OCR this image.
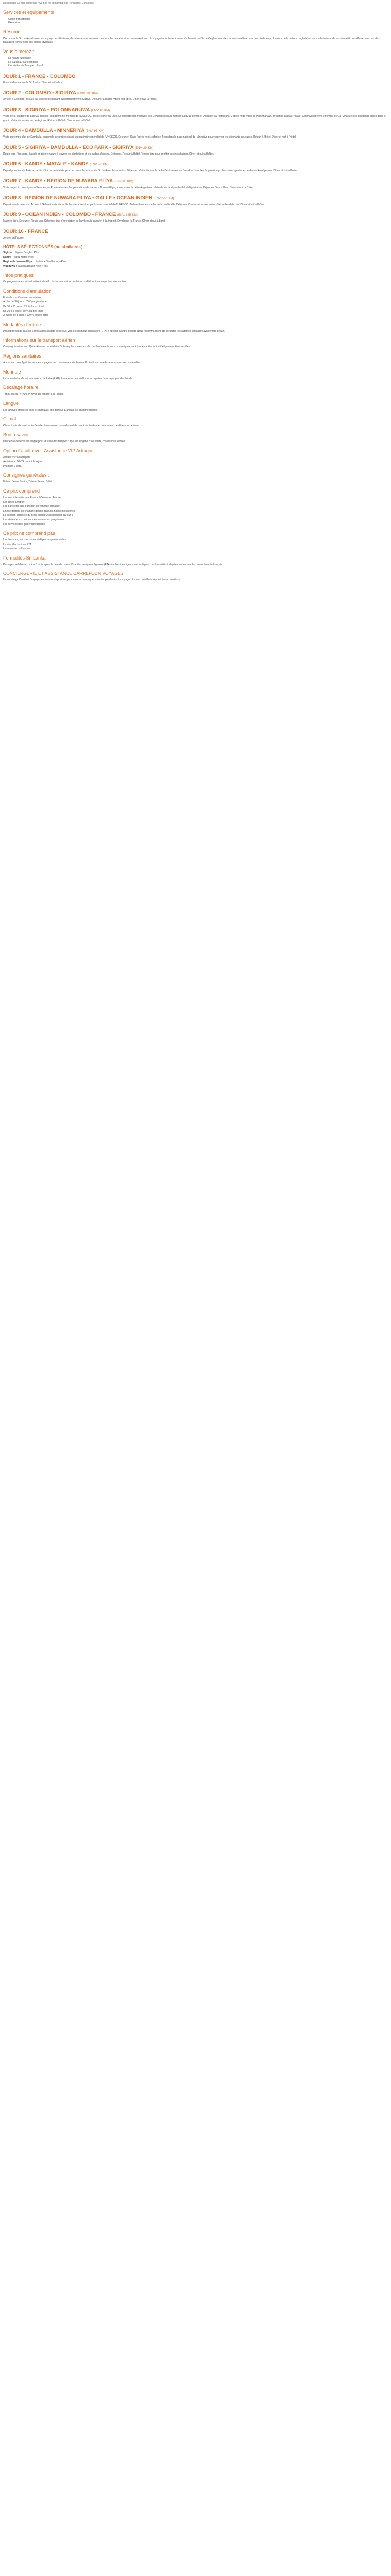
Description Ce prix comprend / Ce prix ne comprend pas Formalités Consignes
Services et équipements
• Guide francophone
• Excursion
Résumé

Découvrez le Sri Lanka à travers un voyage de sélections, des rivières verdoyantes, des temples anciens et sa faune exotique. Un voyage inoubliable à travers la beauté de l'île de Ceylan, ses sites incontournables dans une réelle en profondeur de la culture cinghalaise, de son histoire et de la spiritualité bouddhiste, au cœur des paysages riches et de ses plages idylliques.

Vous aimerez :
• La nature luxuriante
• Le Safari au parc national
• Les visites du Triangle culturel
JOUR 1 - FRANCE • COLOMBO

Envol à destination de Sri Lanka. Dîner et nuit à bord.

JOUR 2 - COLOMBO • SIGIRIYA (ENV. 180 KM)

Arrivée à Colombo, accueil par votre représentant puis transfert vers Sigiriya. Déjeuner à l'hôtel. Après-midi libre. Dîner et nuit à l'hôtel.

JOUR 3 - SIGIRIYA • POLONNARUWA (ENV. 60 KM)

Visite de la citadelle de Sigiriya, classée au patrimoine mondial de l'UNESCO, dite le rocher du Lion. Découverte des fresques des Demoiselles puis montée jusqu'au sommet. Déjeuner au restaurant. L'après-midi, visite de Polonnaruwa, ancienne capitale royale. Continuation vers le temple de Gal Vihara et ses bouddhas taillés dans le granit. Visite du musée archéologique. Retour à l'hôtel. Dîner et nuit à l'hôtel.

JOUR 4 - DAMBULLA • MINNERIYA (ENV. 95 KM)

Visite du temple d'or de Dambulla, ensemble de grottes classé au patrimoine mondial de l'UNESCO. Déjeuner. Dans l'après-midi, safari en Jeep dans le parc national de Minneriya pour observer les éléphants sauvages. Retour à l'hôtel. Dîner et nuit à l'hôtel.

JOUR 5 - SIGIRIYA • DAMBULLA • ECO PARK • SIGIRIYA (ENV. 20 KM)

Route vers l'éco-parc. Balade en pleine nature à travers les plantations et les jardins d'épices. Déjeuner. Retour à l'hôtel. Temps libre pour profiter des installations. Dîner et nuit à l'hôtel.

JOUR 6 - KANDY • MATALE • KANDY (ENV. 90 KM)

Départ pour Kandy. Arrêt au jardin d'épices de Matale pour découvrir les épices du Sri Lanka et leurs vertus. Déjeuner. Visite du temple de la Dent sacrée du Bouddha, haut lieu de pèlerinage. En soirée, spectacle de danses kandyennes. Dîner et nuit à l'hôtel.

JOUR 7 - KANDY • REGION DE NUWARA ELIYA (ENV. 80 KM)

Visite du jardin botanique de Peradeniya. Route à travers les plantations de thé vers Nuwara Eliya, surnommée la petite Angleterre. Visite d'une fabrique de thé et dégustation. Déjeuner. Temps libre. Dîner et nuit à l'hôtel.

JOUR 8 - REGION DE NUWARA ELIYA • GALLE • OCEAN INDIEN (ENV. 251 KM)

Départ vers la côte sud. Arrivée à Galle et visite du fort hollandais classé au patrimoine mondial de l'UNESCO. Balade dans les ruelles de la vieille ville. Déjeuner. Continuation vers votre hôtel en bord de mer. Dîner et nuit à l'hôtel.

JOUR 9 - OCEAN INDIEN • COLOMBO • FRANCE (ENV. 145 KM)

Matinée libre. Déjeuner. Route vers Colombo, tour d'orientation de la ville puis transfert à l'aéroport. Envol pour la France. Dîner et nuit à bord.

JOUR 10 - FRANCE

Arrivée en France.

HÔTELS SÉLECTIONNÉS (ou similaires)
Sigiriya : Sigiriya Jungles 4*loc
Kandy : Topaz Hotel 4*loc
Région de Nuwara Eliya : Heritance Tea Factory 4*loc
Wadduwa : Sasilara Beach Hotel 4*loc
Infos pratiques

Ce programme est donné à titre indicatif. L'ordre des visites peut être modifié tout en respectant leur contenu.

Conditions d'annulation
Frais de modification / annulation :
À plus de 30 jours : 35 € par personne
De 30 à 21 jours : 25 % du prix total
De 20 à 8 jours : 50 % du prix total
À moins de 8 jours : 100 % du prix total
Modalités d'entrée :

Passeport valide plus de 6 mois après la date de retour. Visa électronique obligatoire (ETA) à obtenir avant le départ. Nous recommandons de consulter les autorités sanitaires avant votre départ.

Informations sur le transport aérien

Compagnie aérienne : Qatar Airways ou similaire. Vols réguliers avec escale. Les horaires de vol communiqués sont donnés à titre indicatif et peuvent être modifiés.

Régions sanitaires :

Aucun vaccin obligatoire pour les voyageurs en provenance de France. Protection contre les moustiques recommandée.

Monnaie

La monnaie locale est la roupie sri lankaise (LKR). Les cartes de crédit sont acceptées dans la plupart des hôtels.

Décalage horaire

+3h30 en été, +4h30 en hiver par rapport à la France.

Langue

Les langues officielles sont le cinghalais et le tamoul. L'anglais est largement parlé.

Climat

Climat tropical chaud toute l'année. La mousson du sud-ouest de mai à septembre et du nord-est de décembre à février.

Bon à savoir :

Une tenue correcte est exigée pour la visite des temples : épaules et genoux couverts, chaussures retirées.

Option Facultative : Assistance VIP Adragor
Accueil VIP à l'aéroport
Assistance 24h/24 durant le séjour
Prix hors 2 pers.
Consignes générales :

Enfant, Jeune Senior, Toilette Senior, Bébé

Ce prix comprend
Les vols internationaux France / Colombo / France
Les taxes aéroport
Les transferts et le transport en véhicule climatisé
L'hébergement en chambre double dans les hôtels mentionnés
La pension complète du dîner du jour 2 au déjeuner du jour 9
Les visites et excursions mentionnées au programme
Les services d'un guide francophone
Ce prix ne comprend pas
Les boissons, les pourboires et dépenses personnelles
Le visa électronique ETA
L'assurance multirisque
Formalités Sri Lanka

Passeport valable au moins 6 mois après la date de retour. Visa électronique obligatoire (ETA) à obtenir en ligne avant le départ. Les formalités indiquées concernent les ressortissants français.

CONCIERGERIE ET ASSISTANCE CARREFOUR VOYAGES

Un concierge Carrefour Voyages est à votre disposition pour vous accompagner avant et pendant votre voyage. Il vous conseille et répond à vos questions.
